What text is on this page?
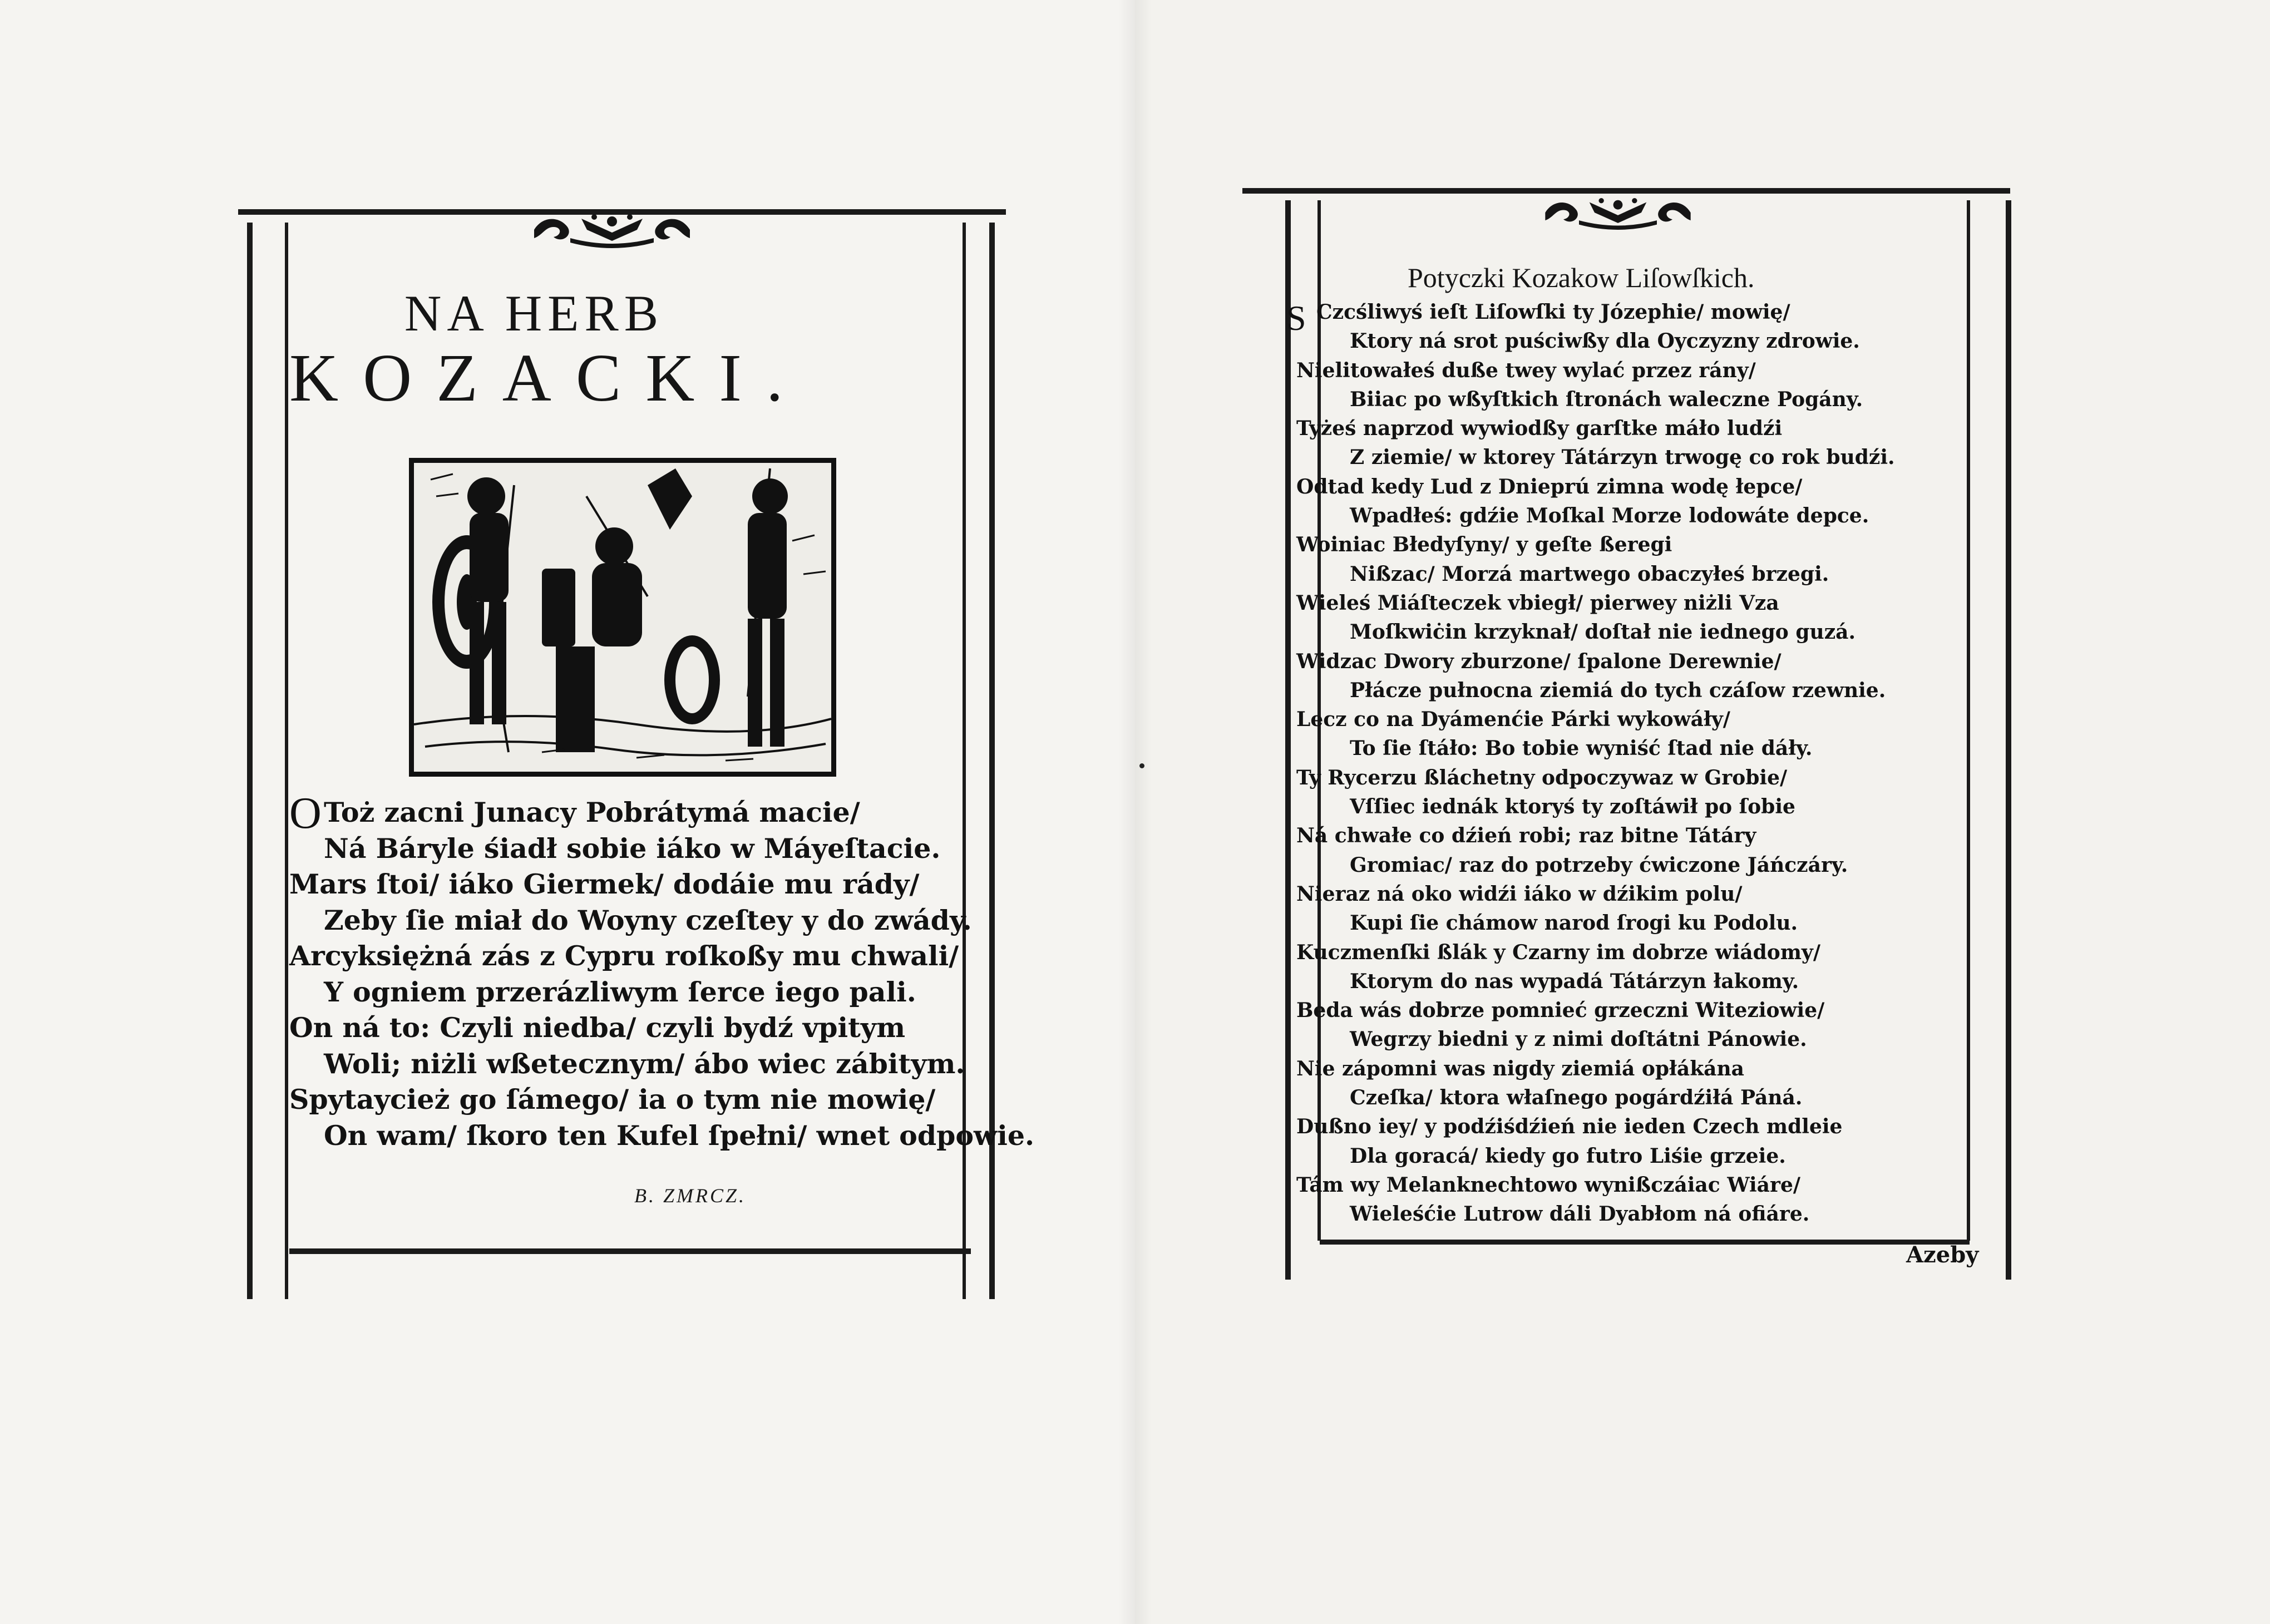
NA HERB
KOZACKI.
O Toż zacni Junacy Pobrátymá macie/
Ná Báryle śiadł sobie iáko w Máyeſtacie.
Mars ſtoi/ iáko Giermek/ dodáie mu rády/
Zeby ſie miał do Woyny czeſtey y do zwády.
Arcyksiężná zás z Cypru roſkoßy mu chwali/
Y ogniem przerázliwym ſerce iego pali.
On ná to: Czyli niedba/ czyli bydź vpitym
Woli; niżli wßetecznym/ ábo wiec zábitym.
Spytaycież go ſámego/ ia o tym nie mowię/
On wam/ ſkoro ten Kufel ſpełni/ wnet odpowie.
B. ZMRCZ.
Potyczki Kozakow Liſowſkich.
S Czcśliwyś ieſt Liſowſki ty Józephie/ mowię/
Ktory ná srot puściwßy dla Oyczyzny zdrowie.
Nielitowałeś duße twey wylać przez rány/
Biiac po wßyſtkich ſtronách waleczne Pogány.
Tyżeś naprzod wywiodßy garſtke máło ludźi
Z ziemie/ w ktorey Tátárzyn trwogę co rok budźi.
Odtad kedy Lud z Dnieprú zimna wodę łepce/
Wpadłeś: gdźie Moſkal Morze lodowáte depce.
Woiniac Błedyſyny/ y geſte ßeregi
Nißzac/ Morzá martwego obaczyłeś brzegi.
Wieleś Miáſteczek vbiegł/ pierwey niżli Vza
Moſkwiċin krzyknał/ doſtał nie iednego guzá.
Widzac Dwory zburzone/ ſpalone Derewnie/
Płácze pułnocna ziemiá do tych czáſow rzewnie.
Lecz co na Dyámenćie Párki wykowáły/
To ſie ſtáło: Bo tobie wyniść ſtad nie dáły.
Ty Rycerzu ßláchetny odpoczywaz w Grobie/
Vſſiec iednák ktoryś ty zoſtáwił po ſobie
Ná chwałe co dźień robi; raz bitne Tátáry
Gromiac/ raz do potrzeby ćwiczone Jáńczáry.
Nieraz ná oko widźi iáko w dźikim polu/
Kupi ſie chámow narod ſrogi ku Podolu.
Kuczmenſki ßlák y Czarny im dobrze wiádomy/
Ktorym do nas wypadá Tátárzyn łakomy.
Beda wás dobrze pomnieć grzeczni Witeziowie/
Wegrzy biedni y z nimi doſtátni Pánowie.
Nie zápomni was nigdy ziemiá opłákána
Czeſka/ ktora właſnego pogárdźiłá Páná.
Dußno iey/ y podźiśdźień nie ieden Czech mdleie
Dla goracá/ kiedy go futro Liśie grzeie.
Tám wy Melanknechtowo wynißczáiac Wiáre/
Wieleśćie Lutrow dáli Dyabłom ná ofiáre.
Azeby
